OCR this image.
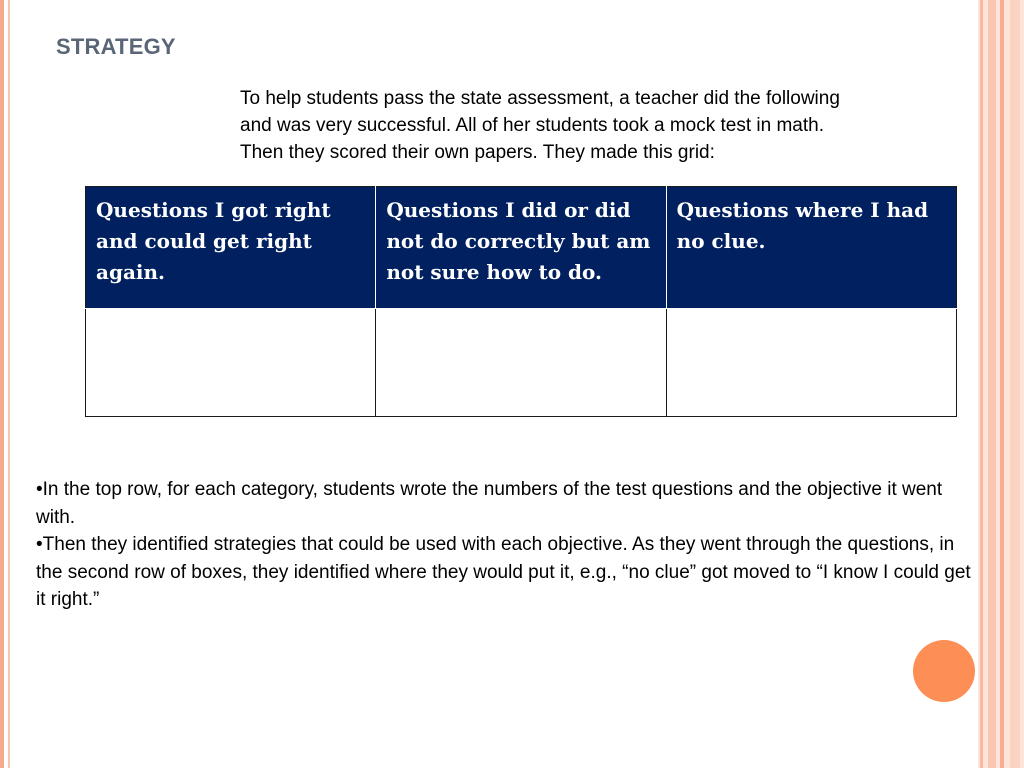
STRATEGY
To help students pass the state assessment, a teacher did the following
and was very successful. All of her students took a mock test in math.
Then they scored their own papers. They made this grid:
Questions I got right and could get right again.	Questions I did or did not do correctly but am not sure how to do.	Questions where I had no clue.

•In the top row, for each category, students wrote the numbers of the test questions and the objective it went with.

•Then they identified strategies that could be used with each objective. As they went through the questions, in the second row of boxes, they identified where they would put it, e.g., “no clue” got moved to “I know I could get it right.”
